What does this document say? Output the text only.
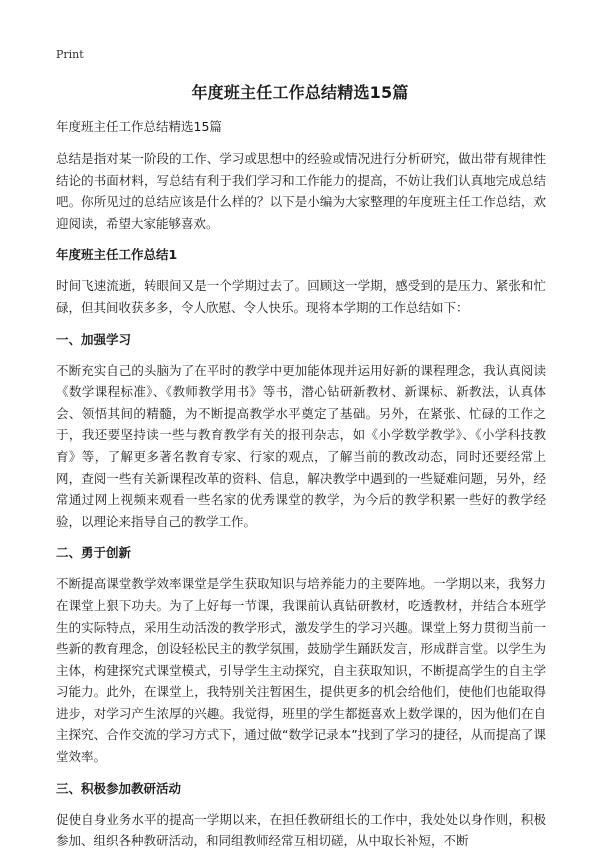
Print
年度班主任工作总结精选15篇

年度班主任工作总结精选15篇

总结是指对某一阶段的工作、学习或思想中的经验或情况进行分析研究，做出带有规律性结论的书面材料，写总结有利于我们学习和工作能力的提高，不妨让我们认真地完成总结吧。你所见过的总结应该是什么样的？以下是小编为大家整理的年度班主任工作总结，欢迎阅读，希望大家能够喜欢。

年度班主任工作总结1

时间飞速流逝，转眼间又是一个学期过去了。回顾这一学期，感受到的是压力、紧张和忙碌，但其间收获多多，令人欣慰、令人快乐。现将本学期的工作总结如下：

一、加强学习

不断充实自己的头脑为了在平时的教学中更加能体现并运用好新的课程理念，我认真阅读《数学课程标准》、《教师教学用书》等书，潜心钻研新教材、新课标、新教法，认真体会、领悟其间的精髓，为不断提高教学水平奠定了基础。另外，在紧张、忙碌的工作之于，我还要坚持读一些与教育教学有关的报刊杂志，如《小学数学教学》、《小学科技教育》等，了解更多著名教育专家、行家的观点，了解当前的教改动态，同时还要经常上网，查阅一些有关新课程改革的资料、信息，解决教学中遇到的一些疑难问题，另外，经常通过网上视频来观看一些名家的优秀课堂的教学，为今后的教学积累一些好的教学经验，以理论来指导自己的教学工作。

二、勇于创新

不断提高课堂教学效率课堂是学生获取知识与培养能力的主要阵地。一学期以来，我努力在课堂上狠下功夫。为了上好每一节课，我课前认真钻研教材，吃透教材，并结合本班学生的实际特点，采用生动活泼的教学形式，激发学生的学习兴趣。课堂上努力贯彻当前一些新的教育理念，创设轻松民主的教学氛围，鼓励学生踊跃发言，形成群言堂。以学生为主体，构建探究式课堂模式，引导学生主动探究，自主获取知识，不断提高学生的自主学习能力。此外，在课堂上，我特别关注暂困生，提供更多的机会给他们，使他们也能取得进步，对学习产生浓厚的兴趣。我觉得，班里的学生都挺喜欢上数学课的，因为他们在自主探究、合作交流的学习方式下，通过做“数学记录本”找到了学习的捷径，从而提高了课堂效率。

三、积极参加教研活动

促使自身业务水平的提高一学期以来，在担任教研组长的工作中，我处处以身作则，积极参加、组织各种教研活动，和同组教师经常互相切磋，从中取长补短，不断
